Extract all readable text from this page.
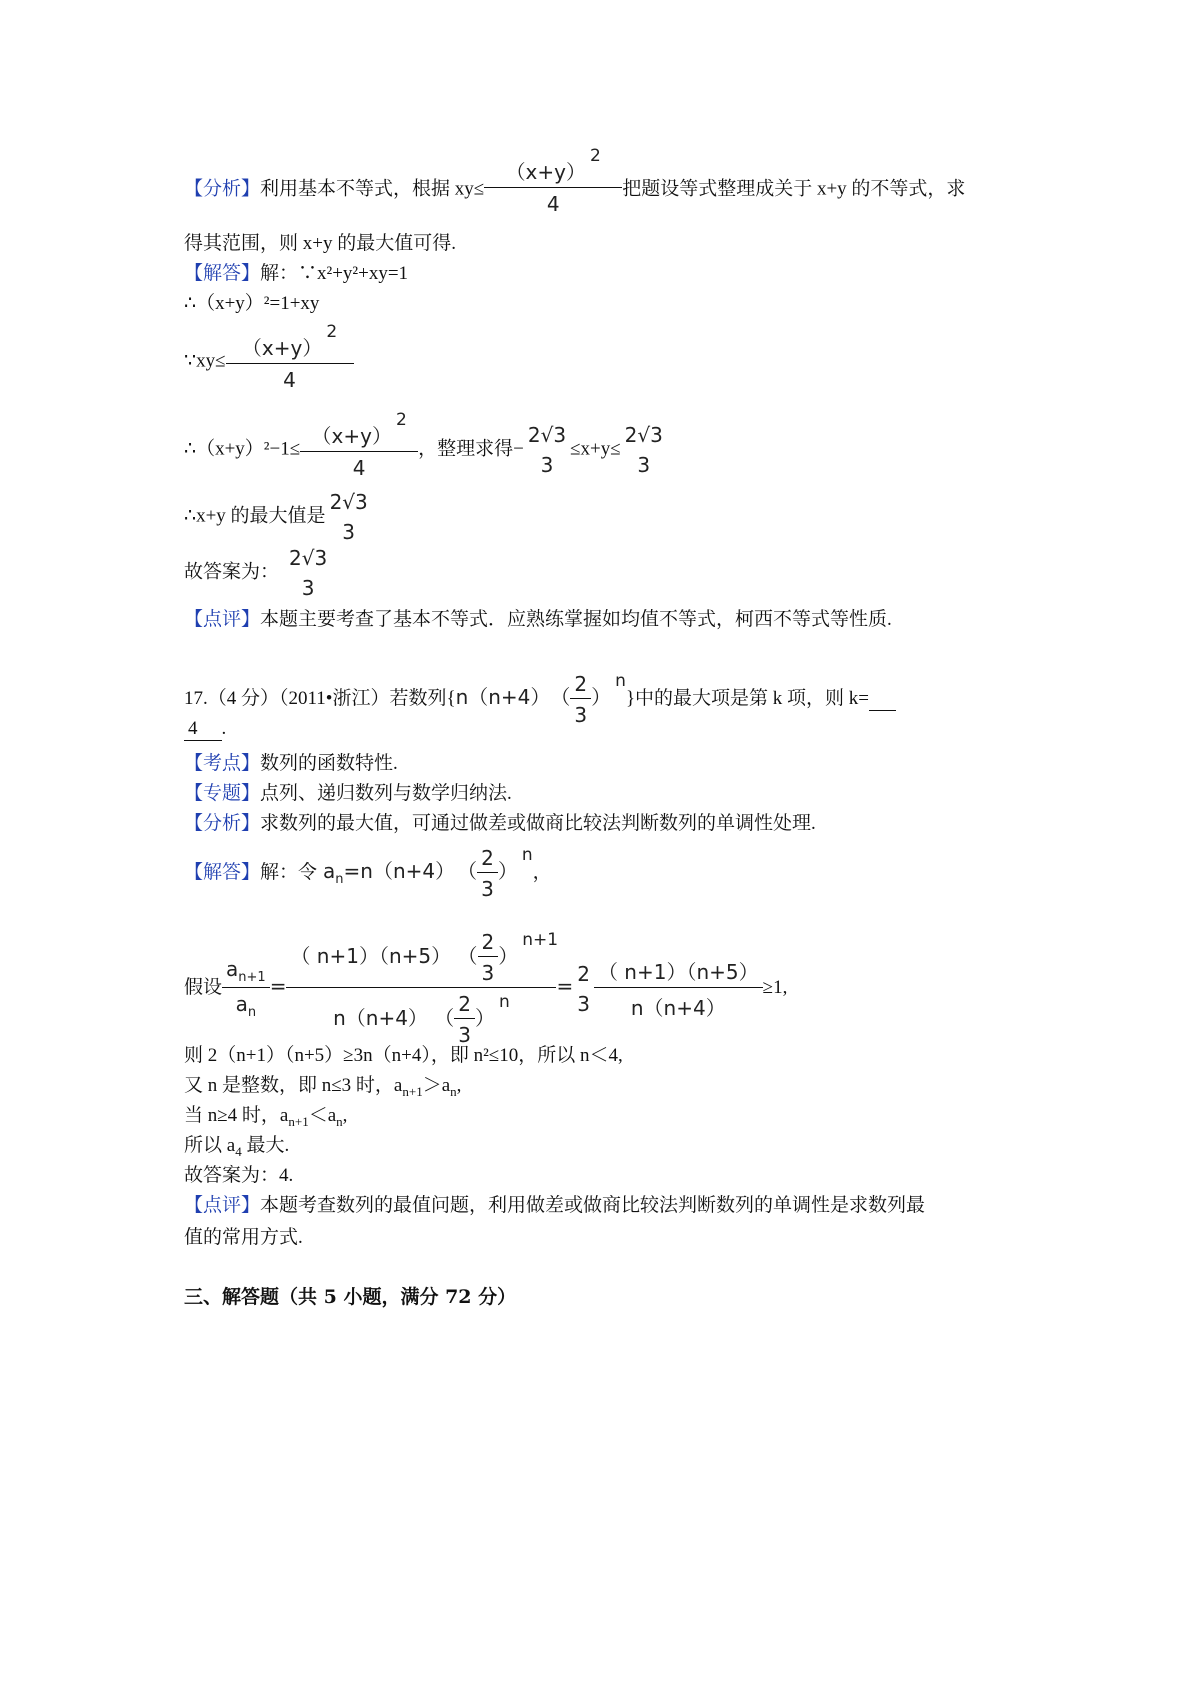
【分析】利用基本不等式，根据 $xy\le \frac{(x+y)^2}{4}$ 把题设等式整理成关于 x+y 的不等式，求
得其范围，则 x+y 的最大值可得.
【解答】解：∵x²+y²+xy=1
∴（x+y）²=1+xy
∵xy≤ $\frac{(x+y)^2}{4}$
∴（x+y）²−1≤ $\frac{(x+y)^2}{4}$ ，整理求得−
2√3
3
≤x+y≤
2√3
3
∴x+y 的最大值是
2√3
3
故答案为：
2√3
3
【点评】本题主要考查了基本不等式．应熟练掌握如均值不等式，柯西不等式等性质.
17.（4 分）（2011•浙江）若数列{n（n+4） （ $\frac{2}{3} )n$}中的最大项是第 k 项，则 k=
4 .
【考点】数列的函数特性.
【专题】点列、递归数列与数学归纳法.
【分析】求数列的最大值，可通过做差或做商比较法判断数列的单调性处理.
【解答】解：令 $a_n=n(n+4)$ （ $\frac{2}{3} )n$，
假设 $\frac{a_{n+1}}{a_n} = \frac{( n+1)(n+5) ( \frac{2}{3} )^{n+1}}{n(n+4) ( \frac{2}{3} )^n}$ =
2
$3 \frac{( n+1)(n+5)}{n(n+4)} \ge 1$,
则 2（n+1）（n+5）≥3n（n+4），即 n²≤10，所以 n＜4,
又 n 是整数，即 n≤3 时，$a_{n+1}>a_n$,
当 n≥4 时，$a_{n+1}<a_n$,
所以 $a_4$ 最大.
故答案为：4.
【点评】本题考查数列的最值问题，利用做差或做商比较法判断数列的单调性是求数列最
值的常用方式.
三、解答题（共 5 小题，满分 72 分）
